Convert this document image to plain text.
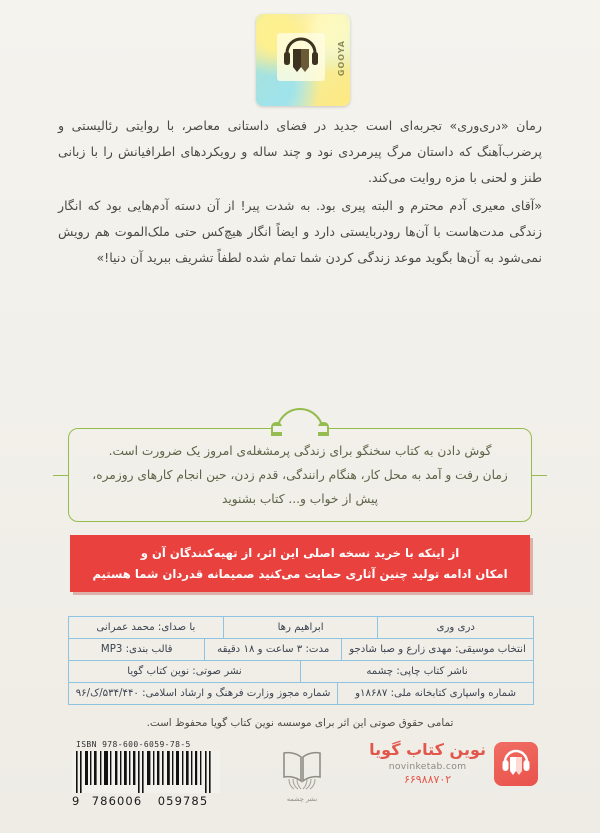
GOOYA

رمان «دری‌وری» تجربه‌ای است جدید در فضای داستانی معاصر، با روایتی رئالیستی و پرضرب‌آهنگ که داستان مرگ پیرمردی نود و چند ساله و رویکردهای اطرافیانش را با زبانی طنز و لحنی با مزه روایت می‌کند.

«آقای معیری آدم محترم و البته پیری بود. به شدت پیر! از آن دسته آدم‌هایی بود که انگار زندگی مدت‌هاست با آن‌ها رودربایستی دارد و ایضاً انگار هیچ‌کس حتی ملک‌الموت هم رویش نمی‌شود به آن‌ها بگوید موعد زندگی کردن شما تمام شده لطفاً تشریف ببرید آن دنیا!»

گوش دادن به کتاب سخنگو برای زندگی پرمشغله‌ی امروز یک ضرورت است.
زمان رفت و آمد به محل کار، هنگام رانندگی، قدم زدن، حین انجام کارهای روزمره،
پیش از خواب و... کتاب بشنوید
از اینکه با خرید نسخه اصلی این اثر، از تهیه‌کنندگان آن و
امکان ادامه تولید چنین آثاری حمایت می‌کنید صمیمانه قدردان شما هستیم
دری وری
ابراهیم رها
با صدای: محمد عمرانی
انتخاب موسیقی: مهدی زارع و صبا شادجو
مدت: ۳ ساعت و ۱۸ دقیقه
قالب بندی: MP3
ناشر کتاب چاپی: چشمه
نشر صوتی: نوین کتاب گویا
شماره واسپاری کتابخانه ملی: ۱۸۶۸۷و
شماره مجوز وزارت فرهنگ و ارشاد اسلامی: ۵۳۴/۴۴۰/ک/۹۶
تمامی حقوق صوتی این اثر برای موسسه نوین کتاب گویا محفوظ است.
ISBN 978-600-6059-78-5
9 786006	059785	نشر چشمه
نوین کتاب گویا
novinketab.com
۶۶۹۸۸۷۰۲
